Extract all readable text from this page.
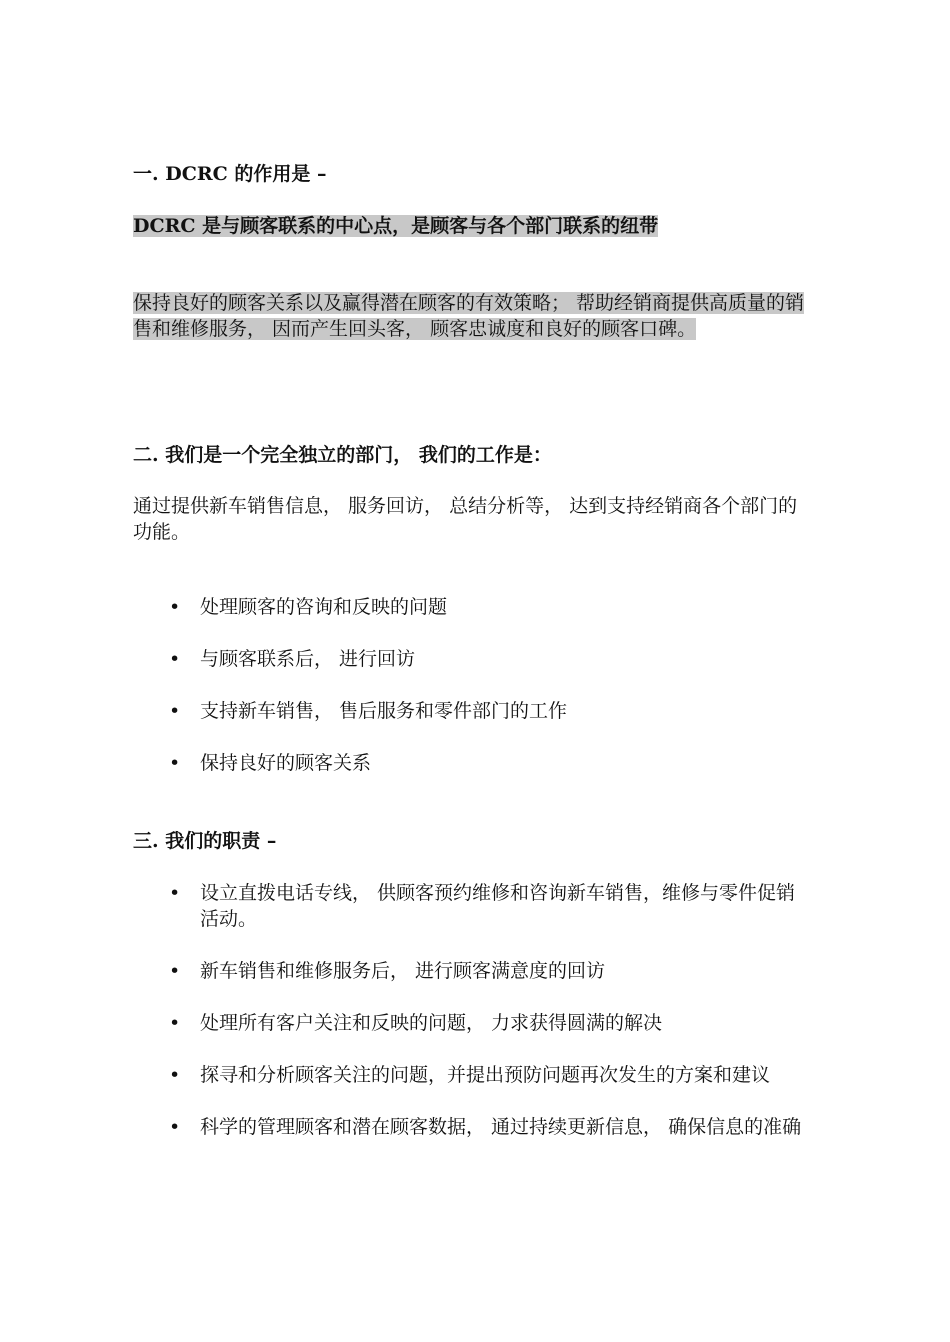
一. DCRC 的作用是 –

DCRC 是与顾客联系的中心点，是顾客与各个部门联系的纽带

保持良好的顾客关系以及赢得潜在顾客的有效策略； 帮助经销商提供高质量的销售和维修服务， 因而产生回头客， 顾客忠诚度和良好的顾客口碑。

二. 我们是一个完全独立的部门， 我们的工作是：

通过提供新车销售信息， 服务回访， 总结分析等， 达到支持经销商各个部门的功能。

• 处理顾客的咨询和反映的问题
• 与顾客联系后， 进行回访
• 支持新车销售， 售后服务和零件部门的工作
• 保持良好的顾客关系

三. 我们的职责 –

• 设立直拨电话专线， 供顾客预约维修和咨询新车销售，维修与零件促销活动。
• 新车销售和维修服务后， 进行顾客满意度的回访
• 处理所有客户关注和反映的问题， 力求获得圆满的解决
• 探寻和分析顾客关注的问题，并提出预防问题再次发生的方案和建议
• 科学的管理顾客和潜在顾客数据， 通过持续更新信息， 确保信息的准确
